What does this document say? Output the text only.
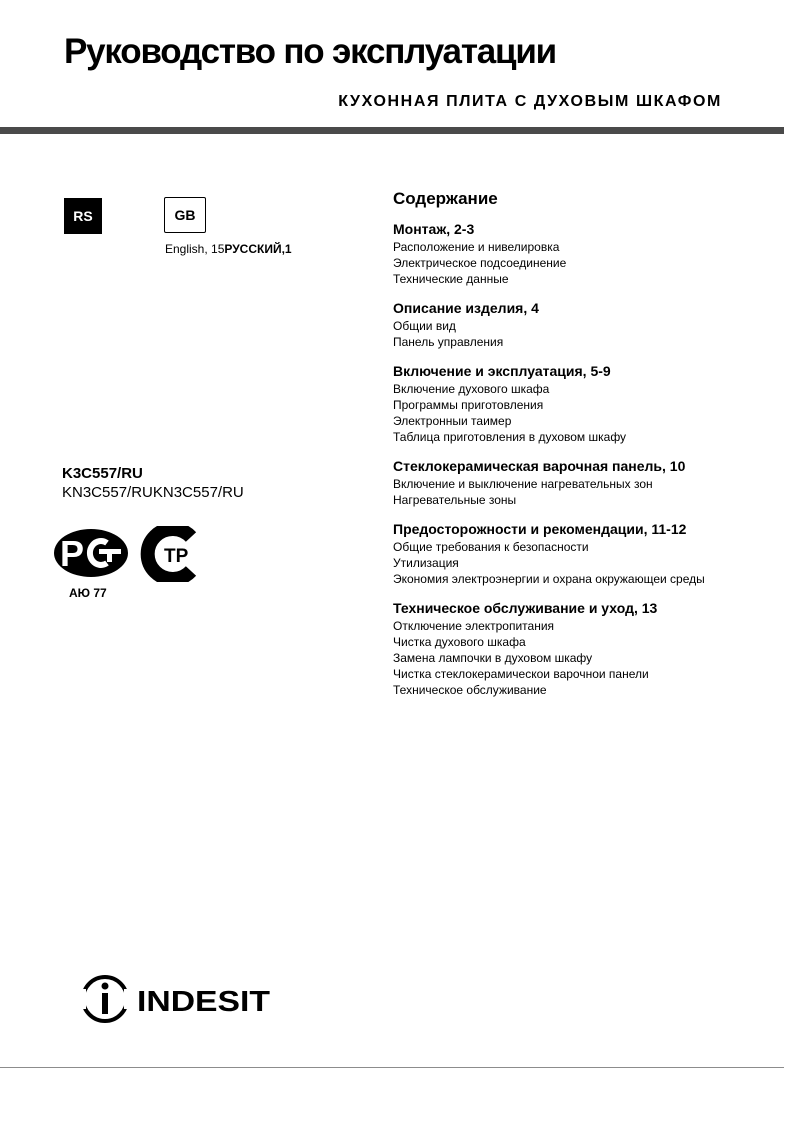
Руководство по эксплуатации
КУХОННАЯ ПЛИТА С ДУХОВЫМ ШКАФОМ
RS	GB
English, 15РУССКИЙ,1
K3C557/RU
KN3C557/RUKN3C557/RU
Р	ТР
АЮ 77
Содержание
Монтаж, 2-3
Расположение и нивелировка
Электрическое подсоединение
Технические данные
Описание изделия, 4
Общии вид
Панель управления
Включение и эксплуатация, 5-9
Включение духового шкафа
Программы приготовления
Электронныи таимер
Таблица приготовления в духовом шкафу
Стеклокерамическая варочная панель, 10
Включение и выключение нагревательных зон
Нагревательные зоны
Предосторожности и рекомендации, 11-12
Общие требования к безопасности
Утилизация
Экономия электроэнергии и охрана окружающеи среды
Техническое обслуживание и уход, 13
Отключение электропитания
Чистка духового шкафа
Замена лампочки в духовом шкафу
Чистка стеклокерамическои варочнои панели
Техническое обслуживание
INDESIT
